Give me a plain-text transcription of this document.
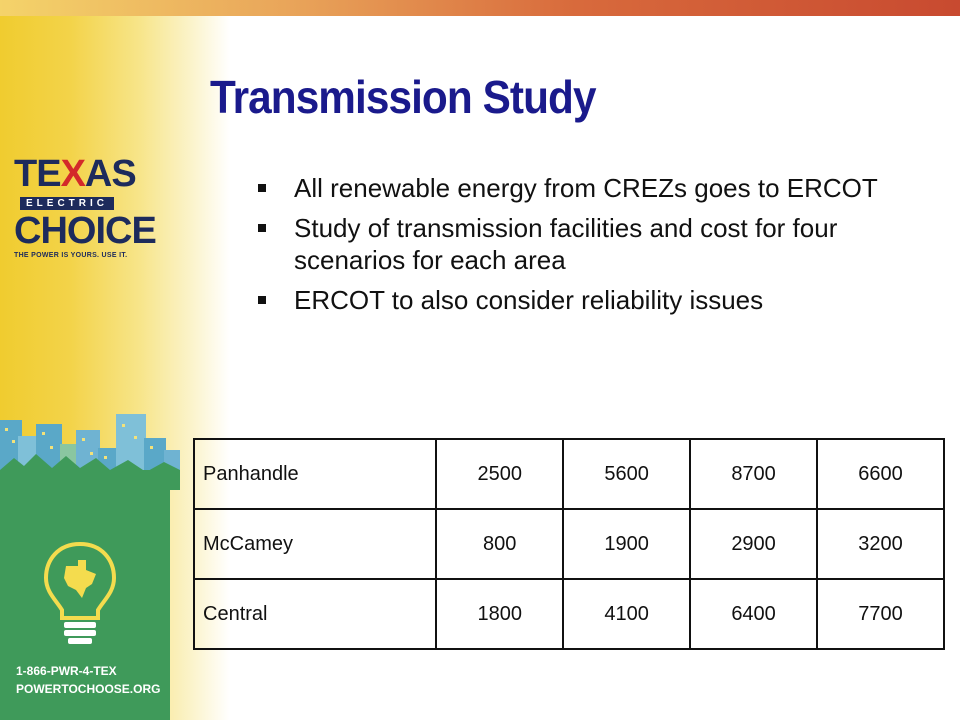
TEXAS
ELECTRIC
CHOICE
THE POWER IS YOURS. USE IT.
1-866-PWR-4-TEX
POWERTOCHOOSE.ORG
Transmission Study
All renewable energy from CREZs goes to ERCOT
Study of transmission facilities and cost for four scenarios for each area
ERCOT to also consider reliability issues
Panhandle	2500	5600	8700	6600
McCamey	800	1900	2900	3200
Central	1800	4100	6400	7700
